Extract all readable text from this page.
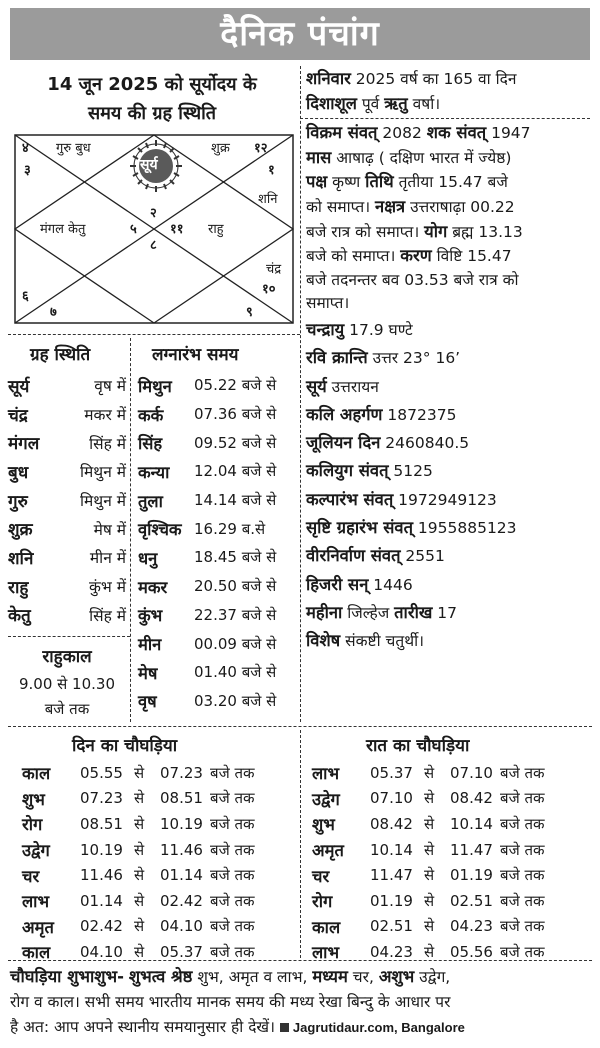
दैनिक पंचांग
14 जून 2025 को सूर्योदय के
समय की ग्रह स्थिति
सूर्य
४ गुरु बुध	शुक्र १२
३	१
शनि
२
मंगल केतु	५	११ राहु
८
चंद्र
६	१०
७	९
ग्रह स्थिति	लग्नारंभ समय
सूर्य	वृष में
चंद्र	मकर में
मंगल	सिंह में
बुध	मिथुन में
गुरु	मिथुन में
शुक्र	मेष में
शनि	मीन में
राहु	कुंभ में
केतु	सिंह में
मिथुन	05.22 बजे से
कर्क	07.36 बजे से
सिंह	09.52 बजे से
कन्या	12.04 बजे से
तुला	14.14 बजे से
वृश्चिक 16.29 ब.से
धनु	18.45 बजे से
मकर	20.50 बजे से
कुंभ	22.37 बजे से
मीन	00.09 बजे से
मेष	01.40 बजे से
वृष	03.20 बजे से
राहुकाल
9.00 से 10.30
बजे तक
शनिवार 2025 वर्ष का 165 वा दिन
दिशाशूल पूर्व ऋतु वर्षा।
विक्रम संवत् 2082 शक संवत् 1947
मास आषाढ़ ( दक्षिण भारत में ज्येष्ठ)
पक्ष कृष्ण तिथि तृतीया 15.47 बजे
को समाप्त। नक्षत्र उत्तराषाढ़ा 00.22
बजे रात्र को समाप्त। योग ब्रह्म 13.13
बजे को समाप्त। करण विष्टि 15.47
बजे तदनन्तर बव 03.53 बजे रात्र को
समाप्त।
चन्द्रायु 17.9 घण्टे
रवि क्रान्ति उत्तर 23° 16’
सूर्य उत्तरायन
कलि अहर्गण 1872375
जूलियन दिन 2460840.5
कलियुग संवत् 5125
कल्पारंभ संवत् 1972949123
सृष्टि ग्रहारंभ संवत् 1955885123
वीरनिर्वाण संवत् 2551
हिजरी सन् 1446
महीना जिल्हेज तारीख 17
विशेष संकष्टी चतुर्थी।
दिन का चौघड़िया	रात का चौघड़िया
काल	05.55 से	07.23 बजे तक
शुभ	07.23 से	08.51 बजे तक
रोग	08.51 से	10.19 बजे तक
उद्वेग	10.19 से	11.46 बजे तक
चर	11.46 से	01.14 बजे तक
लाभ	01.14 से	02.42 बजे तक
अमृत	02.42 से	04.10 बजे तक
काल	04.10 से	05.37 बजे तक
लाभ	05.37 से	07.10 बजे तक
उद्वेग	07.10 से	08.42 बजे तक
शुभ	08.42 से	10.14 बजे तक
अमृत	10.14 से	11.47 बजे तक
चर	11.47 से	01.19 बजे तक
रोग	01.19 से	02.51 बजे तक
काल	02.51 से	04.23 बजे तक
लाभ	04.23 से	05.56 बजे तक
चौघड़िया शुभाशुभ- शुभत्व श्रेष्ठ शुभ, अमृत व लाभ, मध्यम चर, अशुभ उद्वेग,
रोग व काल। सभी समय भारतीय मानक समय की मध्य रेखा बिन्दु के आधार पर
है अत: आप अपने स्थानीय समयानुसार ही देखें। Jagrutidaur.com, Bangalore
